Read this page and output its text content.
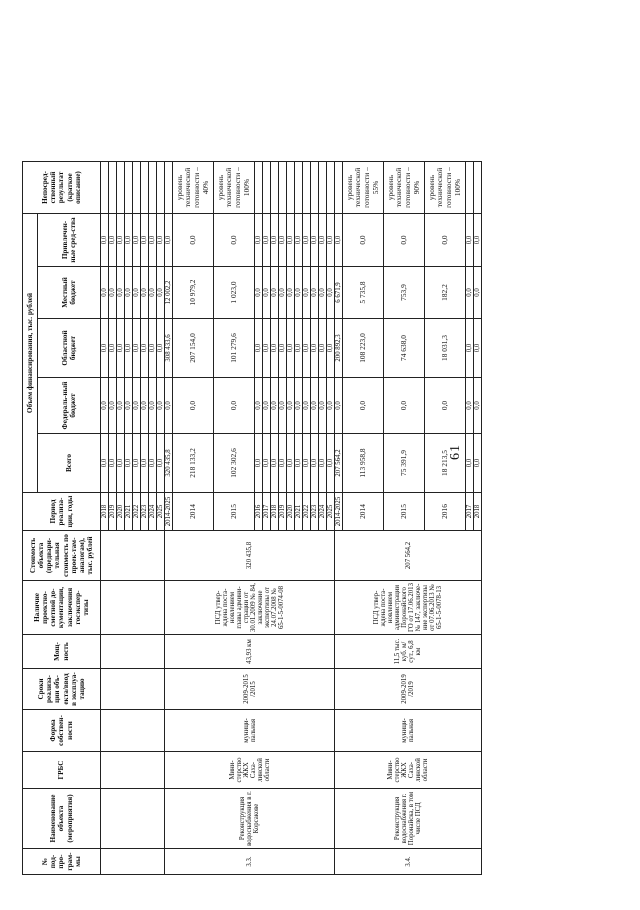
61
№ под-про-грам-мы	Наименование объекта (мероприятия)	ГРБС	Форма собствен-ности	Сроки реализа-ции объ-екта/ввод в эксплуа-тацию	Мощ-ность	Наличие проектно-сметной до-кументации, заключения госэкспер-тизы	Стоимость объекта (предвари-тельная стоимость по проек-там-аналогам), тыс. рублей	Период реализа-ции, годы	Объем финансирования, тыс. рублей					Непосред-ственный результат (краткое описание)
									Всего	Федераль-ный бюджет	Областной бюджет	Местный бюджет	Привлечен-ные сред-ства	
								2018	0,0	0,0	0,0	0,0	0,0	
								2019	0,0	0,0	0,0	0,0	0,0	
								2020	0,0	0,0	0,0	0,0	0,0	
								2021	0,0	0,0	0,0	0,0	0,0	
								2022	0,0	0,0	0,0	0,0	0,0	
								2023	0,0	0,0	0,0	0,0	0,0	
								2024	0,0	0,0	0,0	0,0	0,0	
								2025	0,0	0,0	0,0	0,0	0,0	
3.3.	Реконструкция водоснабжения в г. Корсакове	Мини-стерство ЖКХ Саха-линской области	муници-пальная	2009-2015 /2015	43,93 км	ПСД утвер-ждена поста-новлением главы админи-страции от 30.01.2009 № 84, заключение экспертизы от 24.07.2008 № 65-1-5-0074-08	320 435,8	2014-2025	320 435,8	0,0	308 433,6	12 002,2	0,0	
								2014	218 133,2	0,0	207 154,0	10 979,2	0,0	уровень технической готовности – 40%
								2015	102 302,6	0,0	101 279,6	1 023,0	0,0	уровень технической готовности – 100%
								2016	0,0	0,0	0,0	0,0	0,0	
								2017	0,0	0,0	0,0	0,0	0,0	
								2018	0,0	0,0	0,0	0,0	0,0	
								2019	0,0	0,0	0,0	0,0	0,0	
								2020	0,0	0,0	0,0	0,0	0,0	
								2021	0,0	0,0	0,0	0,0	0,0	
								2022	0,0	0,0	0,0	0,0	0,0	
								2023	0,0	0,0	0,0	0,0	0,0	
								2024	0,0	0,0	0,0	0,0	0,0	
								2025	0,0	0,0	0,0	0,0	0,0	
3.4.	Реконструкция водоснабжения г. Поронайска, в том числе ПСД	Мини-стерство ЖКХ Саха-линской области	муници-пальная	2009-2019 /2019	11,5 тыс. куб. м/сут., 6,8 км	ПСД утвер-ждена поста-новлением администрации Поронайского ГО от 17.06.2013 № 147, заключе-ние экспертизы от 07.06.2013 № 65-1-5-0078-13	207 564,2	2014-2025	207 564,2	0,0	200 892,3	6 671,9	0,0	
								2014	113 958,8	0,0	108 223,0	5 735,8	0,0	уровень технической готовности – 55%
								2015	75 391,9	0,0	74 638,0	753,9	0,0	уровень технической готовности – 90%
								2016	18 213,5	0,0	18 031,3	182,2	0,0	уровень технической готовности – 100%
								2017	0,0	0,0	0,0	0,0	0,0	
								2018	0,0	0,0	0,0	0,0	0,0	
